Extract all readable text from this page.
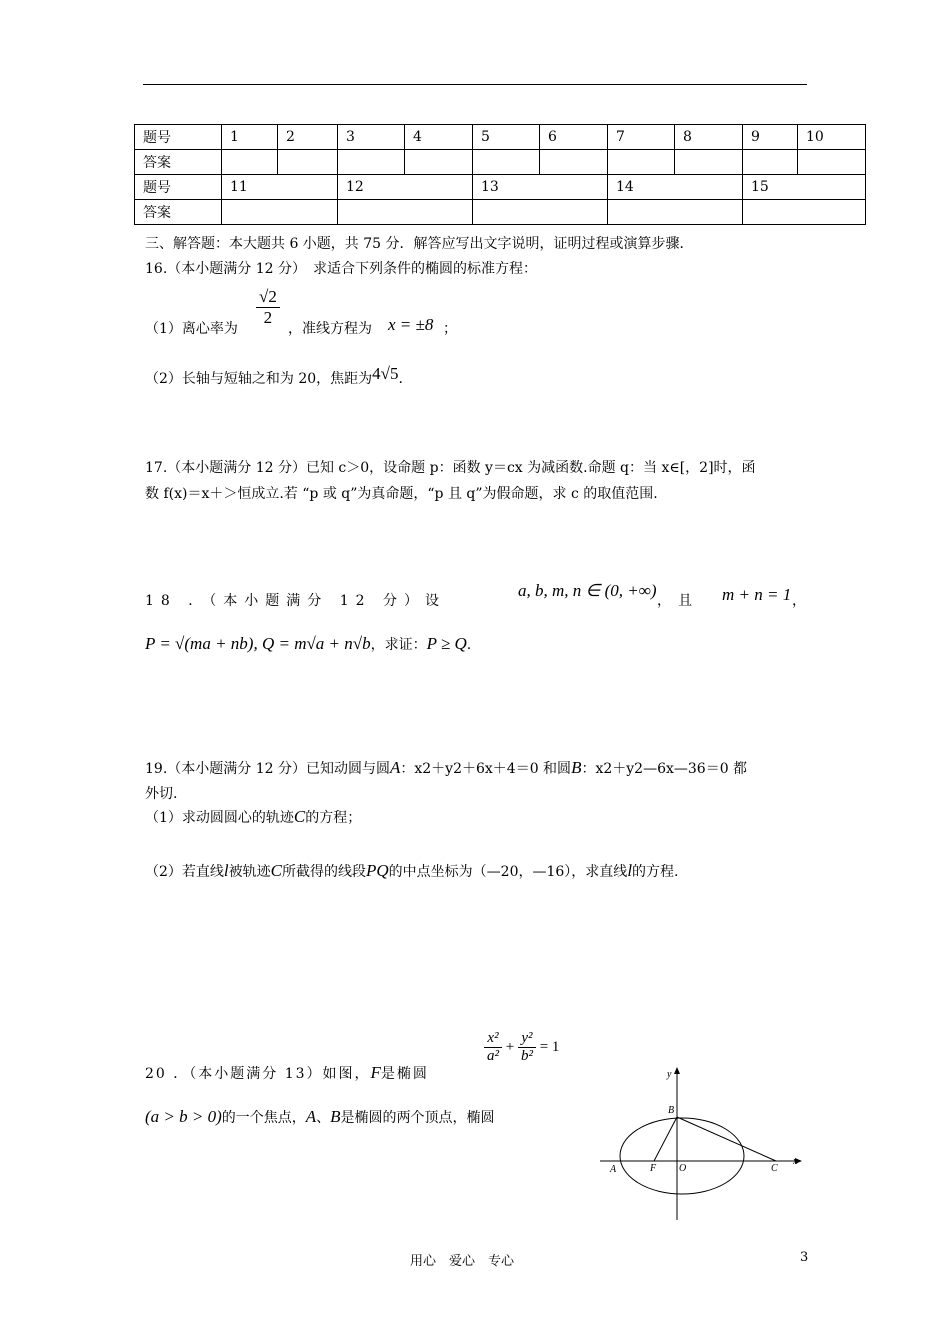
题号	1	2	3	4	5	6	7	8	9	10
答案										
题号	11		12		13		14		15	
答案										
三、解答题：本大题共 6 小题，共 75 分．解答应写出文字说明，证明过程或演算步骤．
16.（本小题满分 12 分）　求适合下列条件的椭圆的标准方程：
（1）离心率为
$\frac{√2}{2}$
，准线方程为 x = ±8 ；
（2）长轴与短轴之和为 20，焦距为4√5.
17.（本小题满分 12 分）已知 c＞0，设命题 p：函数 y＝cx 为减函数.命题 q：当 x∈[，2]时，函
数 f(x)＝x＋＞恒成立.若 “p 或 q”为真命题，“p 且 q”为假命题，求 c 的取值范围.
18 ．（本小题满分 12 分）设
a, b, m, n ∈ (0, +∞)
，　且 m + n = 1 ，
P = √(ma + nb), Q = m√a + n√b，求证：P ≥ Q.
19.（本小题满分 12 分）已知动圆与圆A：x2＋y2＋6x＋4＝0 和圆B：x2＋y2—6x—36＝0 都
外切.
（1）求动圆圆心的轨迹C的方程；
（2）若直线l被轨迹C所截得的线段PQ的中点坐标为（—20，—16），求直线l的方程.
20 ．（本小题满分 13）如图，F是椭圆
$\frac{\text{x²}}{\text{a²}} + \frac{\text{y²}}{\text{b²}} = 1$
(a > b > 0)的一个焦点，A、B是椭圆的两个顶点，椭圆
y
x
B
A	F O	C
用心　爱心　专心	3
